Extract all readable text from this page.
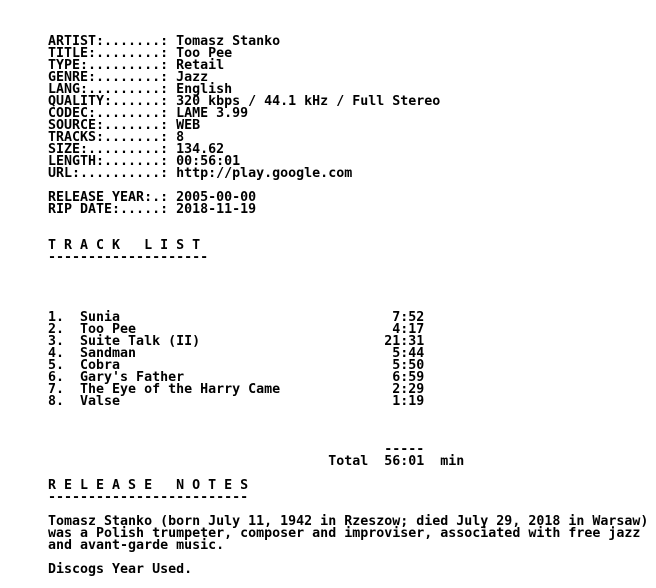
ARTIST:.......: Tomasz Stanko
TITLE:........: Too Pee
TYPE:.........: Retail
GENRE:........: Jazz
LANG:.........: English
QUALITY:......: 320 kbps / 44.1 kHz / Full Stereo
CODEC:........: LAME 3.99
SOURCE:.......: WEB
TRACKS:.......: 8
SIZE:.........: 134.62
LENGTH:.......: 00:56:01
URL:..........: http://play.google.com
RELEASE YEAR:.: 2005-00-00
RIP DATE:.....: 2018-11-19
T R A C K   L I S T
--------------------
1.  Sunia                                  7:52
2.  Too Pee                                4:17
3.  Suite Talk (II)                       21:31
4.  Sandman                                5:44
5.  Cobra                                  5:50
6.  Gary's Father                          6:59
7.  The Eye of the Harry Came              2:29
8.  Valse                                  1:19
-----
Total  56:01  min
R E L E A S E   N O T E S
-------------------------
Tomasz Stanko (born July 11, 1942 in Rzeszow; died July 29, 2018 in Warsaw)
was a Polish trumpeter, composer and improviser, associated with free jazz
and avant-garde music.
Discogs Year Used.
